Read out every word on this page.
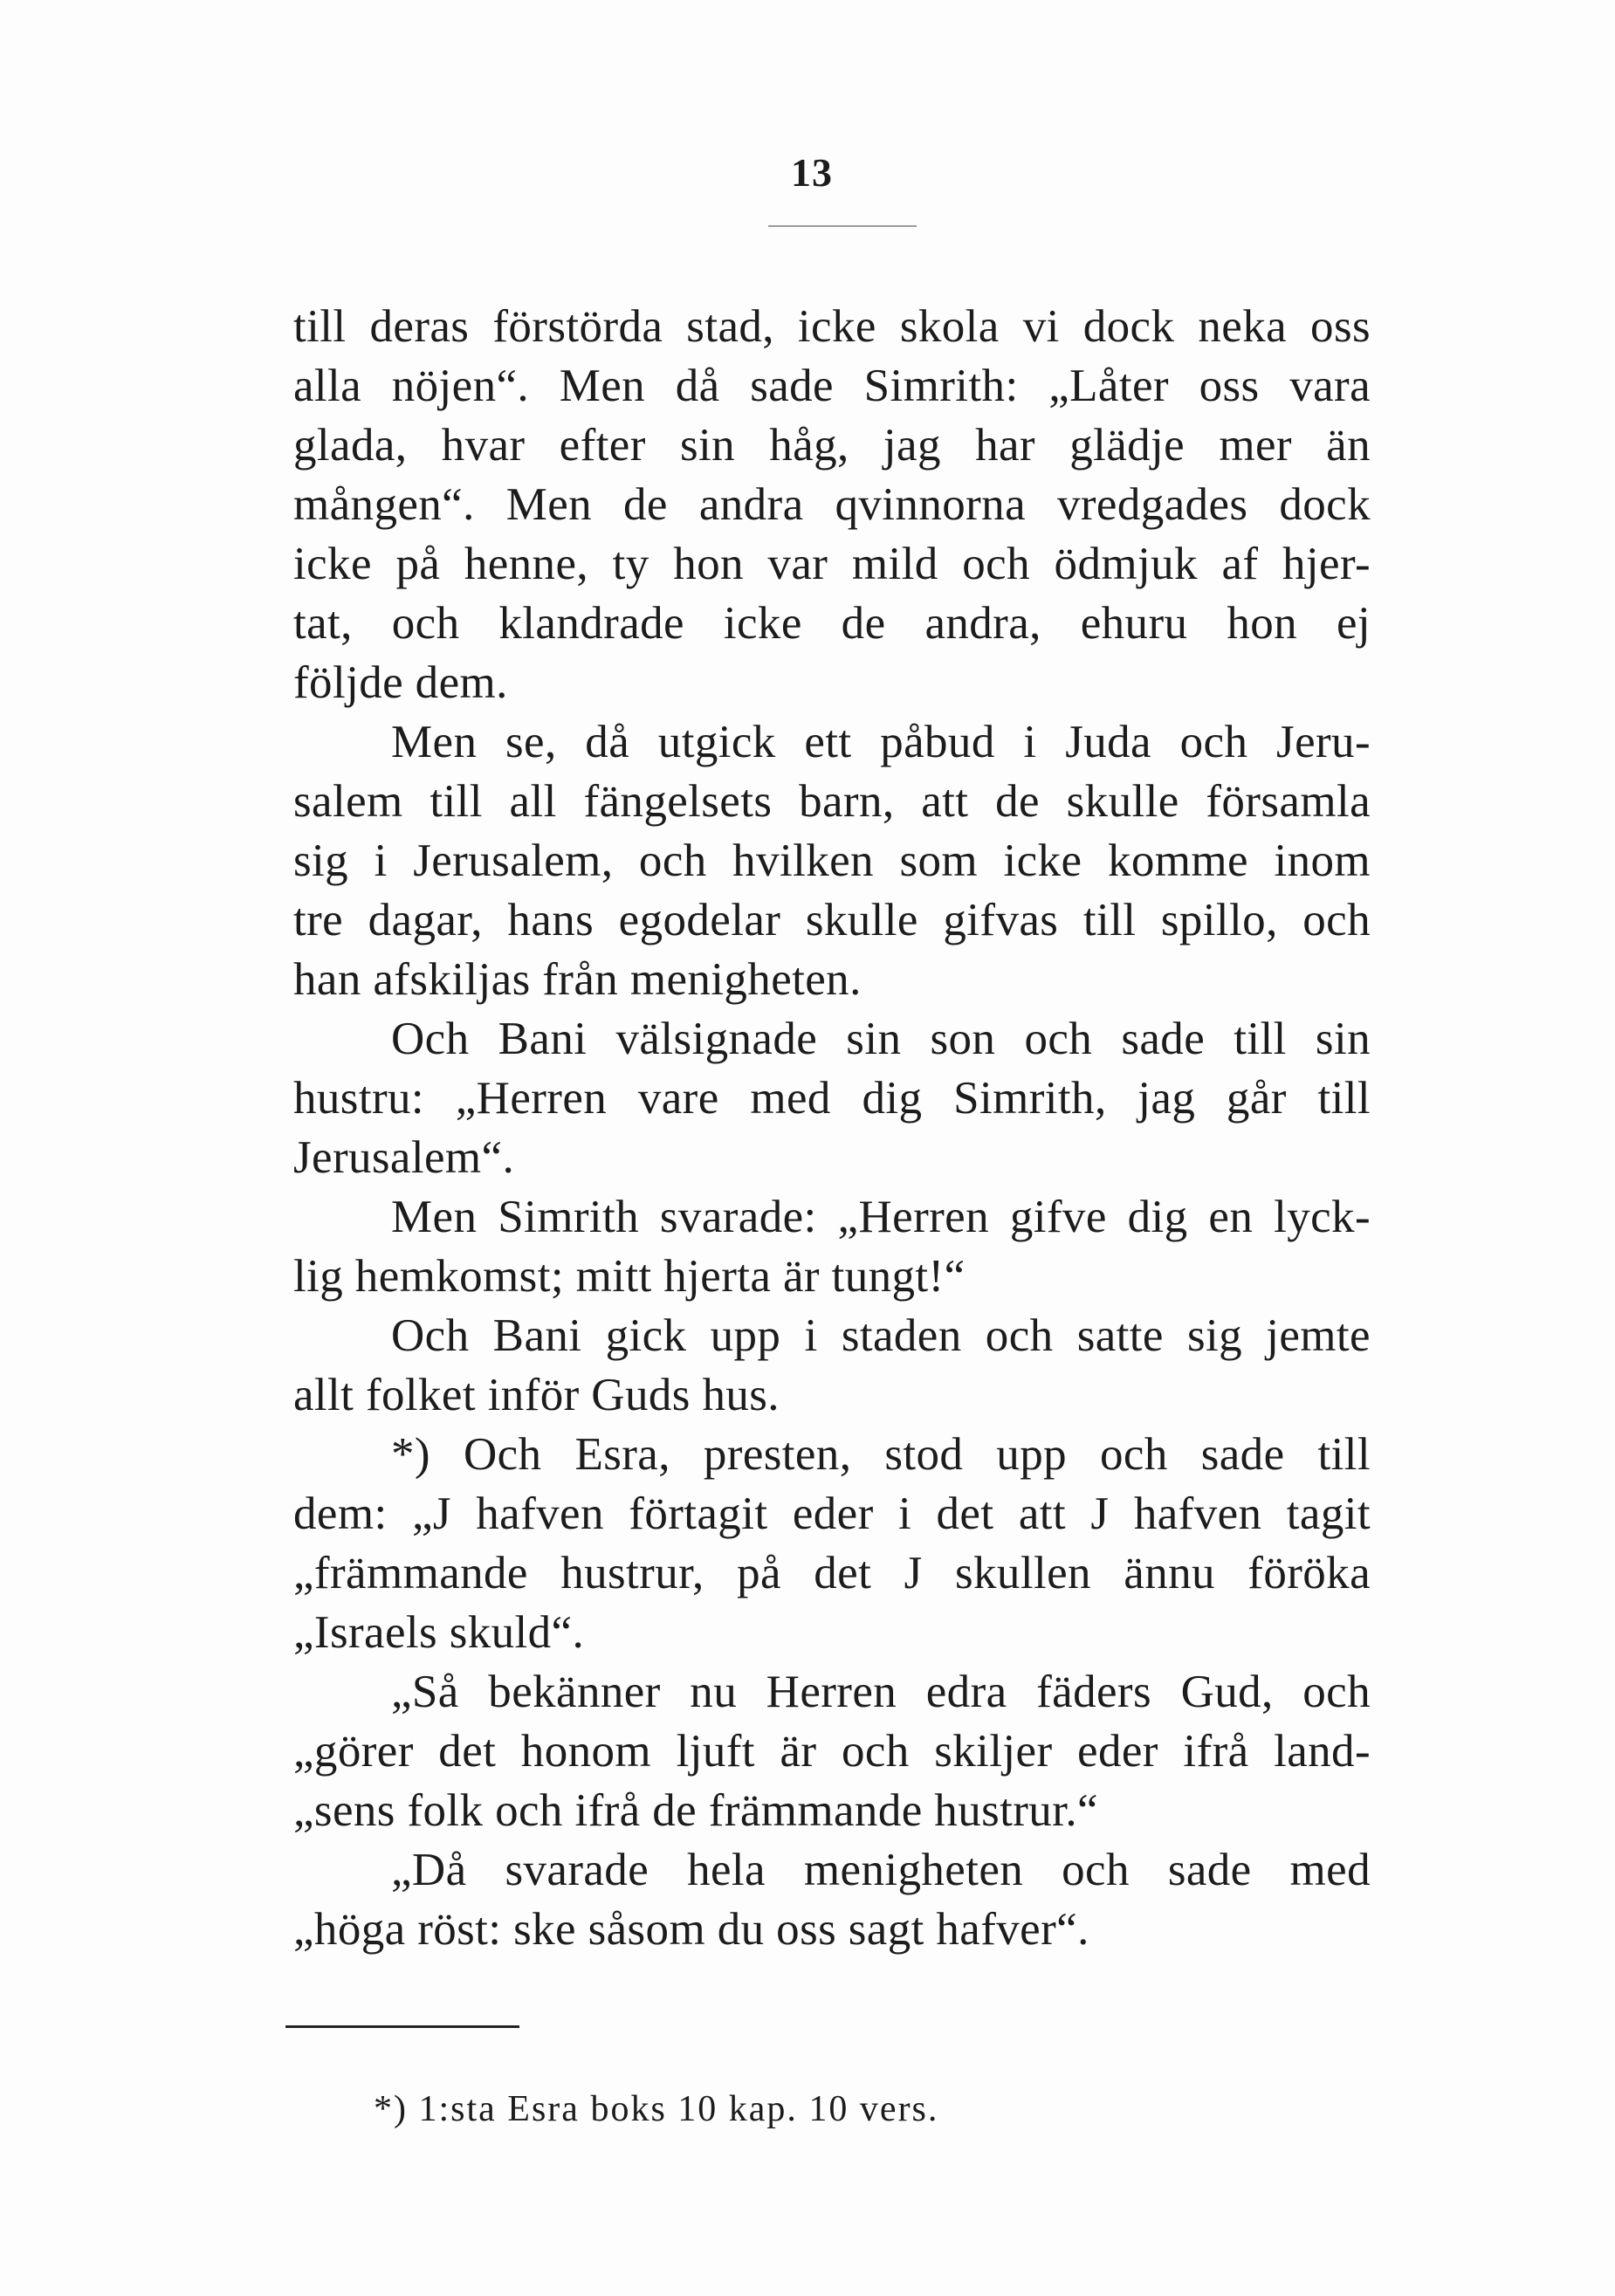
13
till deras förstörda stad, icke skola vi dock neka oss
alla nöjen“. Men då sade Simrith: „Låter oss vara
glada, hvar efter sin håg, jag har glädje mer än
mången“. Men de andra qvinnorna vredgades dock
icke på henne, ty hon var mild och ödmjuk af hjer-
tat, och klandrade icke de andra, ehuru hon ej
följde dem.
Men se, då utgick ett påbud i Juda och Jeru-
salem till all fängelsets barn, att de skulle församla
sig i Jerusalem, och hvilken som icke komme inom
tre dagar, hans egodelar skulle gifvas till spillo, och
han afskiljas från menigheten.
Och Bani välsignade sin son och sade till sin
hustru: „Herren vare med dig Simrith, jag går till
Jerusalem“.
Men Simrith svarade: „Herren gifve dig en lyck-
lig hemkomst; mitt hjerta är tungt!“
Och Bani gick upp i staden och satte sig jemte
allt folket inför Guds hus.
*) Och Esra, presten, stod upp och sade till
dem: „J hafven förtagit eder i det att J hafven tagit
„främmande hustrur, på det J skullen ännu föröka
„Israels skuld“.
„Så bekänner nu Herren edra fäders Gud, och
„görer det honom ljuft är och skiljer eder ifrå land-
„sens folk och ifrå de främmande hustrur.“
„Då svarade hela menigheten och sade med
„höga röst: ske såsom du oss sagt hafver“.
*) 1:sta Esra boks 10 kap. 10 vers.
